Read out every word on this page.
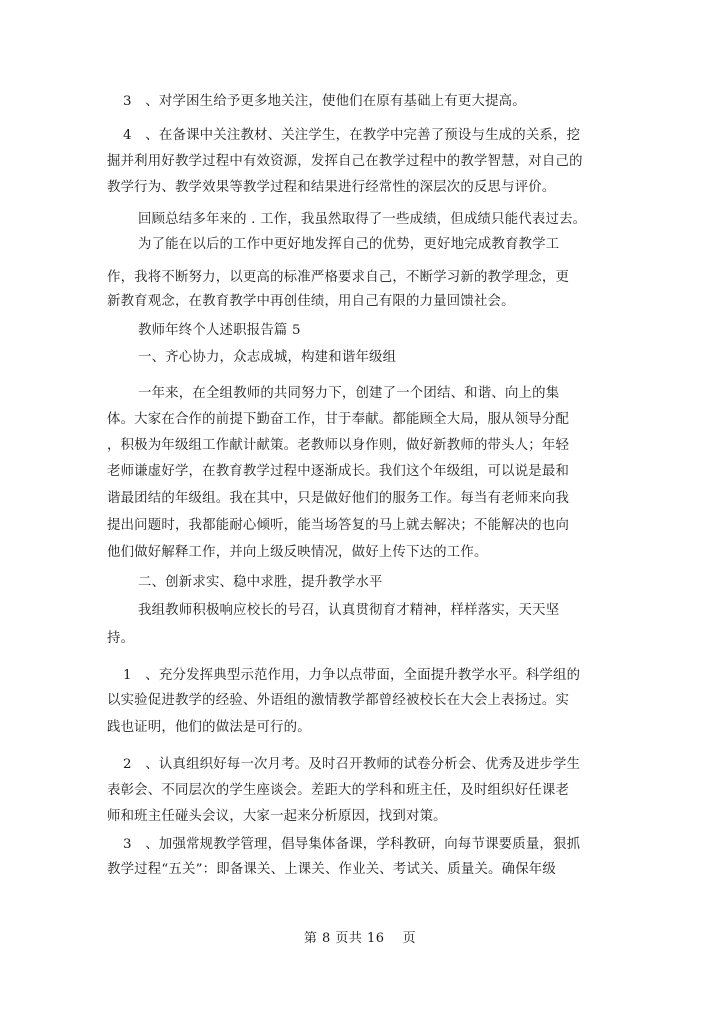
3　、对学困生给予更多地关注，使他们在原有基础上有更大提高。

4　、在备课中关注教材、关注学生，在教学中完善了预设与生成的关系，挖

掘并利用好教学过程中有效资源，发挥自己在教学过程中的教学智慧，对自己的

教学行为、教学效果等教学过程和结果进行经常性的深层次的反思与评价。

回顾总结多年来的 . 工作，我虽然取得了一些成绩，但成绩只能代表过去。

为了能在以后的工作中更好地发挥自己的优势，更好地完成教育教学工

作，我将不断努力，以更高的标准严格要求自己，不断学习新的教学理念，更

新教育观念，在教育教学中再创佳绩，用自己有限的力量回馈社会。

教师年终个人述职报告篇 5

一、齐心协力，众志成城，构建和谐年级组

一年来，在全组教师的共同努力下，创建了一个团结、和谐、向上的集

体。大家在合作的前提下勤奋工作，甘于奉献。都能顾全大局，服从领导分配

，积极为年级组工作献计献策。老教师以身作则，做好新教师的带头人；年轻

老师谦虚好学，在教育教学过程中逐渐成长。我们这个年级组，可以说是最和

谐最团结的年级组。我在其中，只是做好他们的服务工作。每当有老师来向我

提出问题时，我都能耐心倾听，能当场答复的马上就去解决；不能解决的也向

他们做好解释工作，并向上级反映情况，做好上传下达的工作。

二、创新求实、稳中求胜，提升教学水平

我组教师积极响应校长的号召，认真贯彻育才精神，样样落实，天天坚

持。

1　、充分发挥典型示范作用，力争以点带面，全面提升教学水平。科学组的

以实验促进教学的经验、外语组的激情教学都曾经被校长在大会上表扬过。实

践也证明，他们的做法是可行的。

2　、认真组织好每一次月考。及时召开教师的试卷分析会、优秀及进步学生

表彰会、不同层次的学生座谈会。差距大的学科和班主任，及时组织好任课老

师和班主任碰头会议，大家一起来分析原因，找到对策。

3　、加强常规教学管理，倡导集体备课，学科教研，向每节课要质量，狠抓

教学过程“五关”：即备课关、上课关、作业关、考试关、质量关。确保年级

第 8 页共 16　 页
